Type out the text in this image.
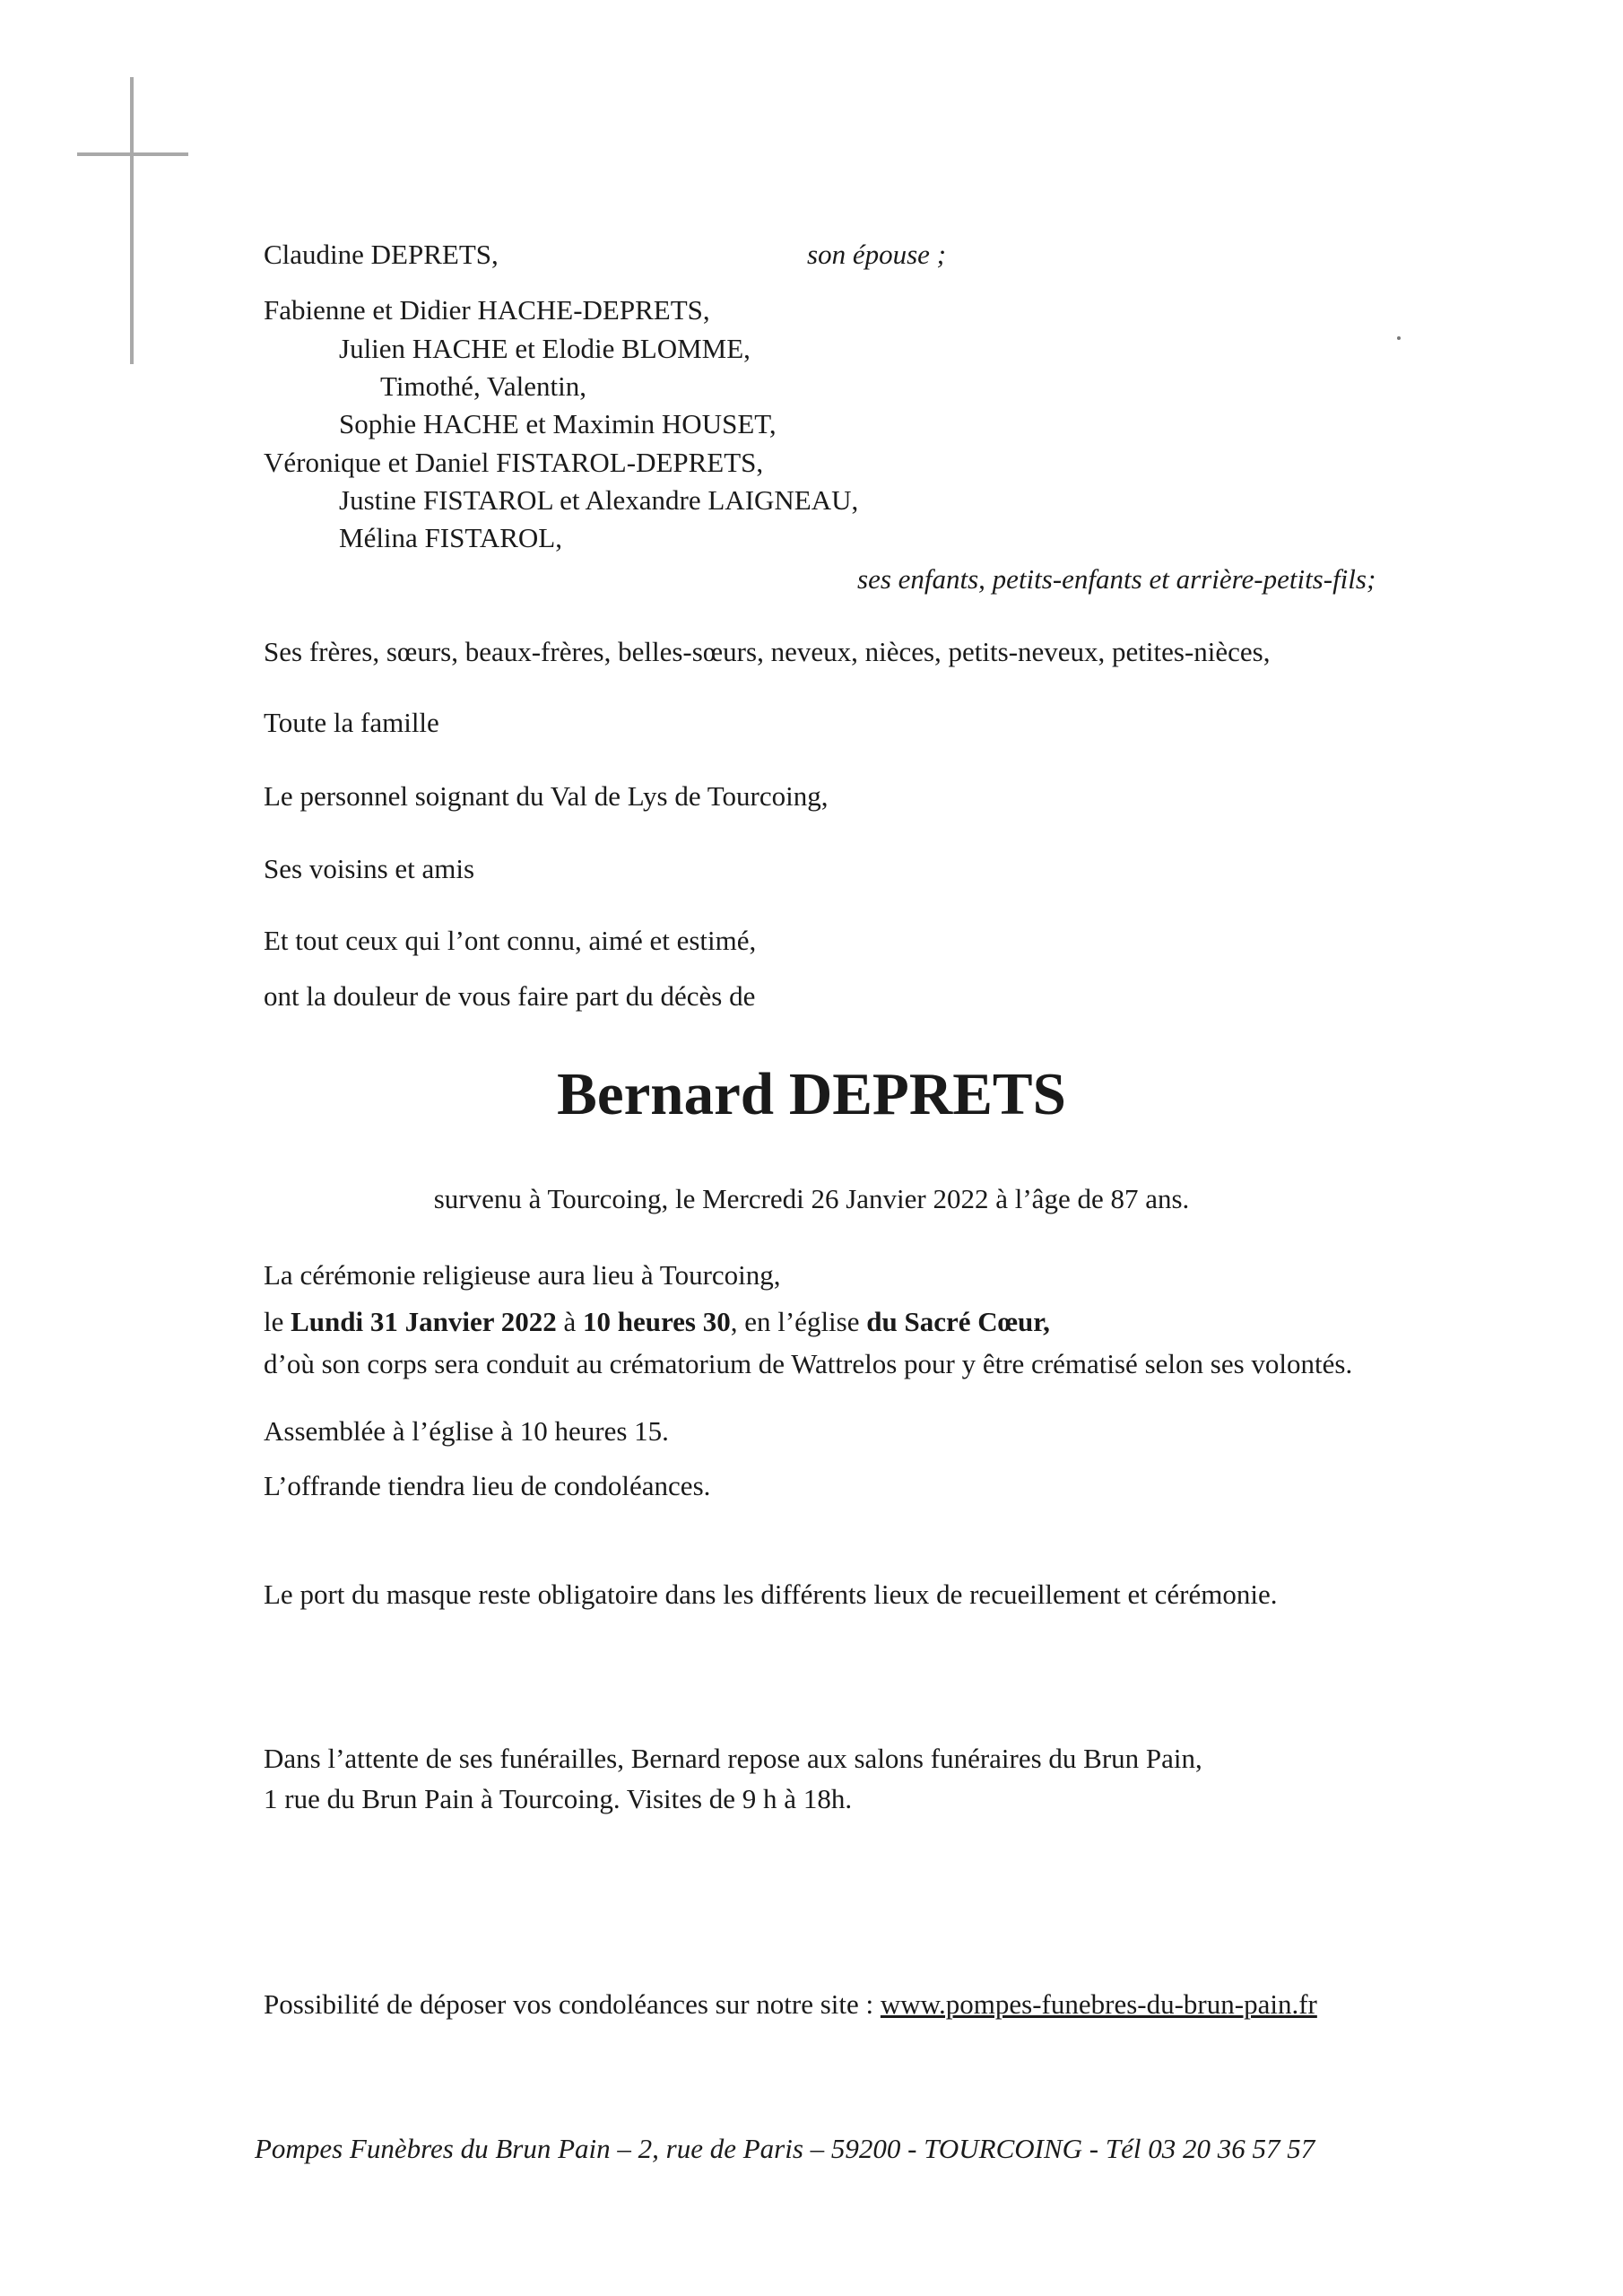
Claudine DEPRETS,	son épouse ;
Fabienne et Didier HACHE-DEPRETS,
Julien HACHE et Elodie BLOMME,
Timothé, Valentin,
Sophie HACHE et Maximin HOUSET,
Véronique et Daniel FISTAROL-DEPRETS,
Justine FISTAROL et Alexandre LAIGNEAU,
Mélina FISTAROL,
ses enfants, petits-enfants et arrière-petits-fils;
Ses frères, sœurs, beaux-frères, belles-sœurs, neveux, nièces, petits-neveux, petites-nièces,
Toute la famille
Le personnel soignant du Val de Lys de Tourcoing,
Ses voisins et amis
Et tout ceux qui l’ont connu, aimé et estimé,
ont la douleur de vous faire part du décès de
Bernard DEPRETS
survenu à Tourcoing, le Mercredi 26 Janvier 2022 à l’âge de 87 ans.
La cérémonie religieuse aura lieu à Tourcoing,
le Lundi 31 Janvier 2022 à 10 heures 30, en l’église du Sacré Cœur,
d’où son corps sera conduit au crématorium de Wattrelos pour y être crématisé selon ses volontés.
Assemblée à l’église à 10 heures 15.
L’offrande tiendra lieu de condoléances.
Le port du masque reste obligatoire dans les différents lieux de recueillement et cérémonie.
Dans l’attente de ses funérailles, Bernard repose aux salons funéraires du Brun Pain,
1 rue du Brun Pain à Tourcoing. Visites de 9 h à 18h.
Possibilité de déposer vos condoléances sur notre site : www.pompes-funebres-du-brun-pain.fr
Pompes Funèbres du Brun Pain – 2, rue de Paris – 59200 - TOURCOING - Tél 03 20 36 57 57
